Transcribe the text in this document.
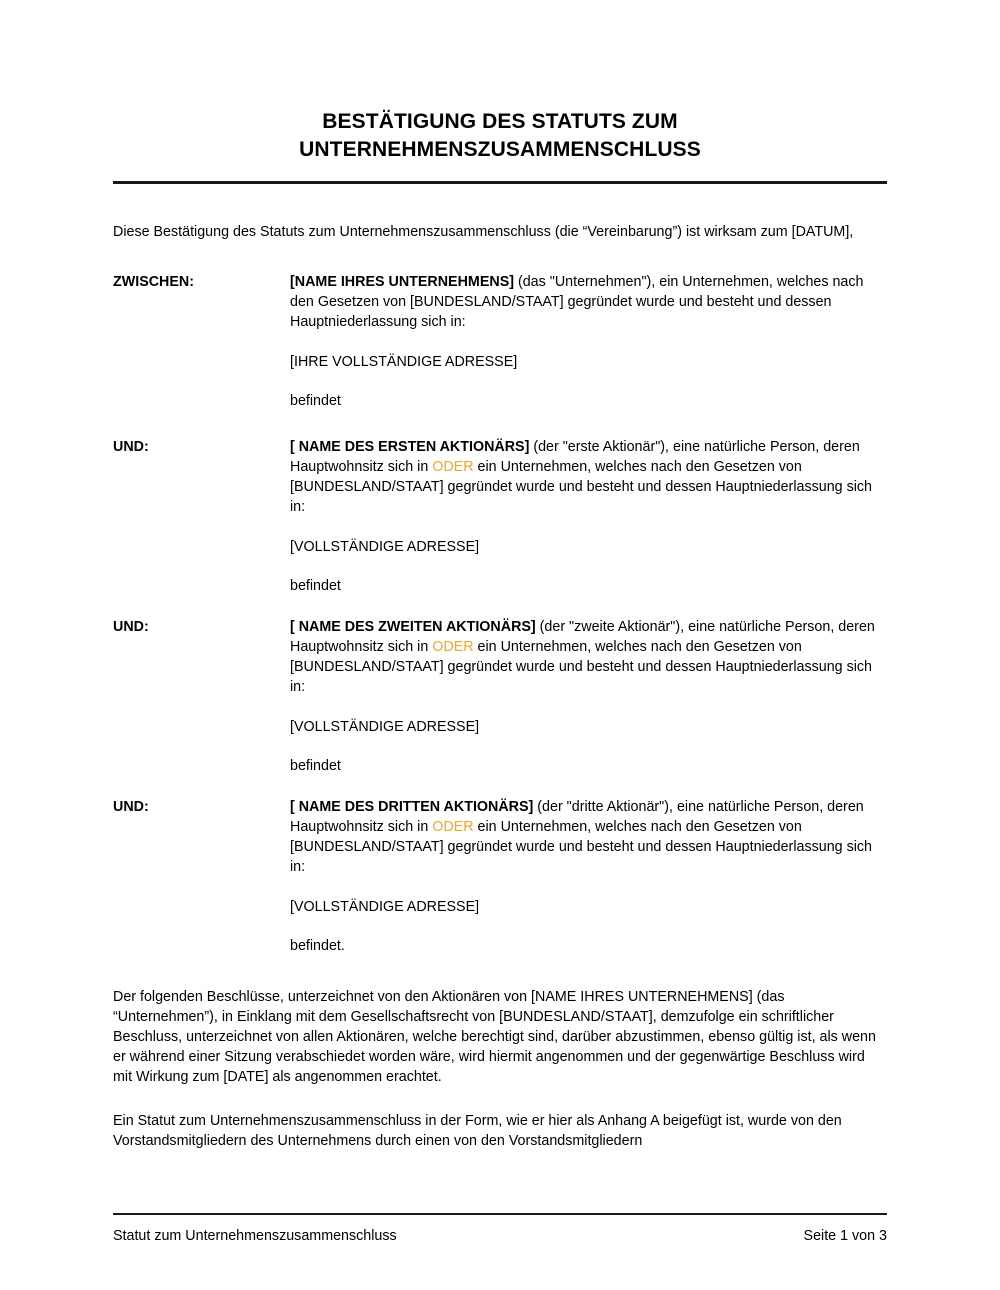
BESTÄTIGUNG DES STATUTS ZUM
UNTERNEHMENSZUSAMMENSCHLUSS

Diese Bestätigung des Statuts zum Unternehmenszusammenschluss (die “Vereinbarung”) ist wirksam zum [DATUM],

ZWISCHEN:	[NAME IHRES UNTERNEHMENS] (das "Unternehmen"), ein Unternehmen, welches nach den Gesetzen von [BUNDESLAND/STAAT] gegründet wurde und besteht und dessen Hauptniederlassung sich in:

[IHRE VOLLSTÄNDIGE ADRESSE]

befindet

UND:	[ NAME DES ERSTEN AKTIONÄRS] (der "erste Aktionär"), eine natürliche Person, deren Hauptwohnsitz sich in ODER ein Unternehmen, welches nach den Gesetzen von [BUNDESLAND/STAAT] gegründet wurde und besteht und dessen Hauptniederlassung sich in:

[VOLLSTÄNDIGE ADRESSE]

befindet

UND:	[ NAME DES ZWEITEN AKTIONÄRS] (der "zweite Aktionär"), eine natürliche Person, deren Hauptwohnsitz sich in ODER ein Unternehmen, welches nach den Gesetzen von [BUNDESLAND/STAAT] gegründet wurde und besteht und dessen Hauptniederlassung sich in:

[VOLLSTÄNDIGE ADRESSE]

befindet

UND:	[ NAME DES DRITTEN AKTIONÄRS] (der "dritte Aktionär"), eine natürliche Person, deren Hauptwohnsitz sich in ODER ein Unternehmen, welches nach den Gesetzen von [BUNDESLAND/STAAT] gegründet wurde und besteht und dessen Hauptniederlassung sich in:

[VOLLSTÄNDIGE ADRESSE]

befindet.

Der folgenden Beschlüsse, unterzeichnet von den Aktionären von [NAME IHRES UNTERNEHMENS] (das “Unternehmen”), in Einklang mit dem Gesellschaftsrecht von [BUNDESLAND/STAAT], demzufolge ein schriftlicher Beschluss, unterzeichnet von allen Aktionären, welche berechtigt sind, darüber abzustimmen, ebenso gültig ist, als wenn er während einer Sitzung verabschiedet worden wäre, wird hiermit angenommen und der gegenwärtige Beschluss wird mit Wirkung zum [DATE] als angenommen erachtet.

Ein Statut zum Unternehmenszusammenschluss in der Form, wie er hier als Anhang A beigefügt ist, wurde von den Vorstandsmitgliedern des Unternehmens durch einen von den Vorstandsmitgliedern

Statut zum Unternehmenszusammenschluss	Seite 1 von 3
